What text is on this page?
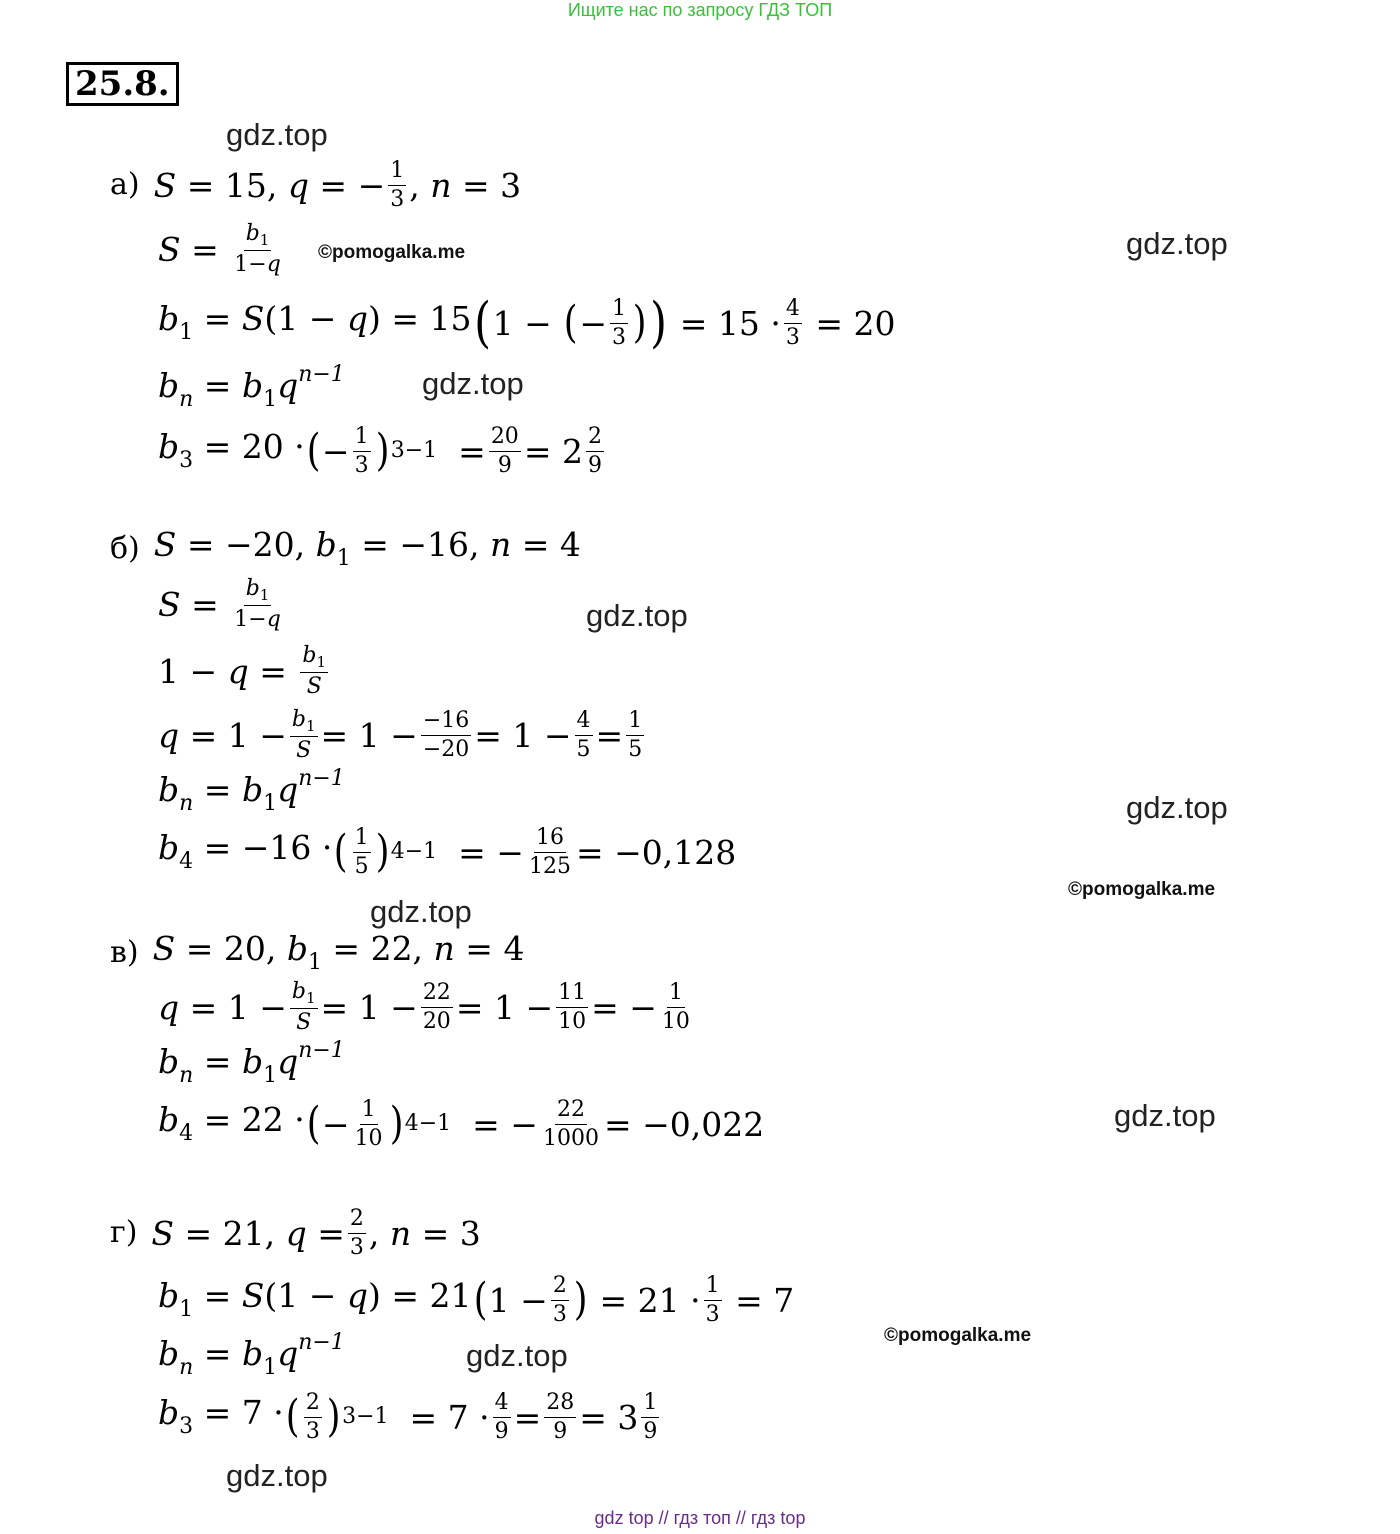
Ищите нас по запросу ГДЗ ТОП
25.8.
gdz.top
gdz.top
©pomogalka.me
gdz.top
gdz.top
gdz.top
©pomogalka.me
gdz.top
gdz.top
©pomogalka.me
gdz.top
gdz.top
а) S = 15, q = − $\frac{1}{3}$ , n = 3
$S = \frac{b_1}{1-q}$
$b_1 = S(1 - q) = 15$ ( 1 − ( − $\frac{1}{3}$ ) ) = $15 \cdot \frac{4}{3} = 20$
$b_n = b_1q^{n-1}$
$b_3 = 20$ · ( − $\frac{1}{3}$ ) $3-1 = \frac{20}{9} = 2 \frac{2}{9}$
б) S = −20, $b_1 = -16$, n = 4
$S = \frac{b_1}{1-q}$
$1 - q = \frac{b_1}{S}$
$q = 1 - \frac{b_1}{S} = 1 - \frac{-16}{-20} = 1 - \frac{4}{5} = \frac{1}{5}$
$b_n = b_1q^{n-1}$
$b_4 = -16$ · ( $\frac{1}{5}$ ) 4−1 = − $\frac{16}{125} = -0,128$
в) S = 20, $b_1 = 22$, n = 4
$q = 1 - \frac{b_1}{S} = 1 - \frac{22}{20} = 1 - \frac{11}{10}$ = − $\frac{1}{10}$
$b_n = b_1q^{n-1}$
$b_4 = 22$ · ( − $\frac{1}{10}$ ) 4−1 = − $\frac{22}{1000} = -0,022$
г) S = 21, $q = \frac{2}{3}$ , n = 3
$b_1 = S(1 - q) = 21$ ( $1 - \frac{2}{3}$ ) = $21 \cdot \frac{1}{3} = 7$
$b_n = b_1q^{n-1}$
$b_3 = 7$ · ( $\frac{2}{3}$ ) $3-1 = 7 \cdot \frac{4}{9} = \frac{28}{9} = 3 \frac{1}{9}$
gdz top // гдз топ // гдз top
